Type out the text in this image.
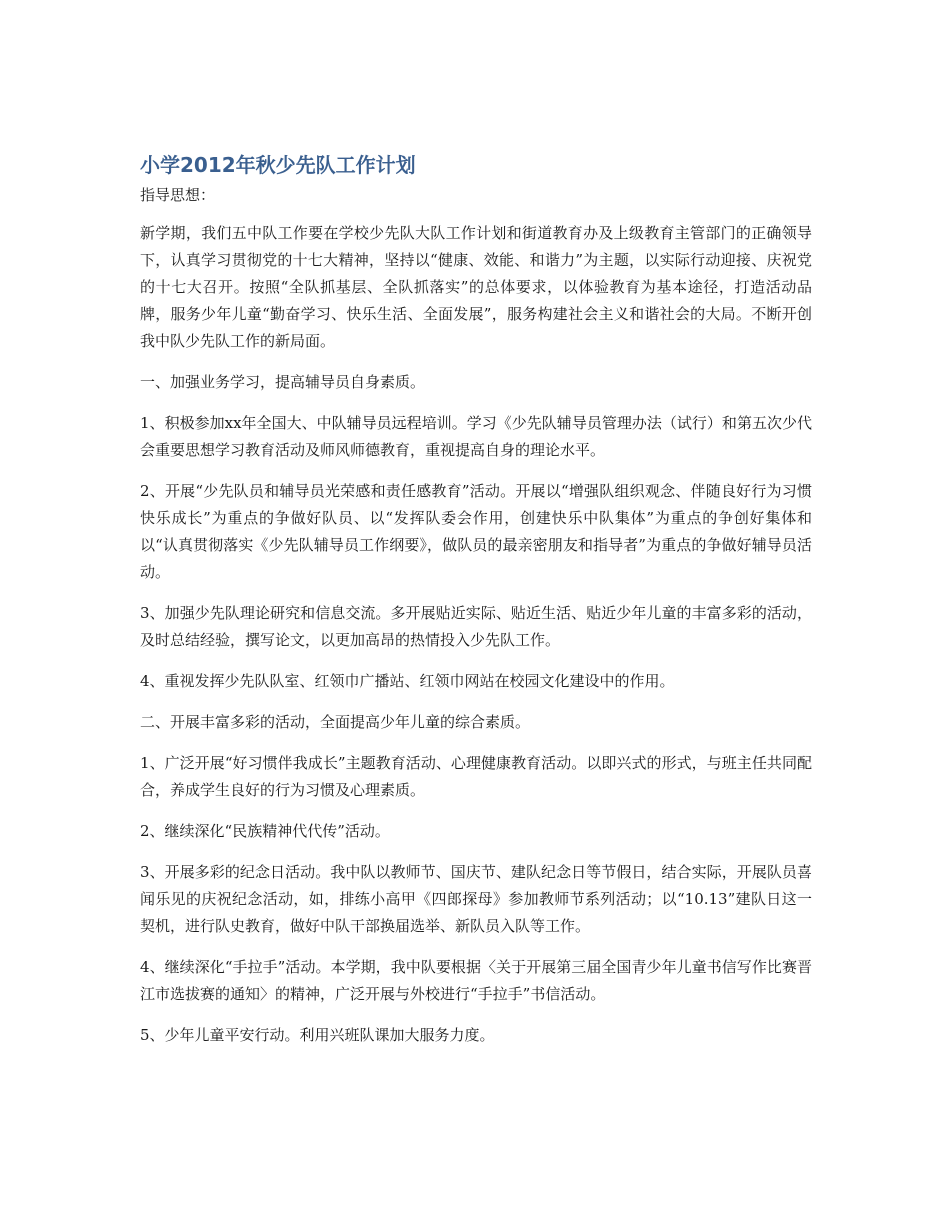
小学2012年秋少先队工作计划

指导思想：

新学期，我们五中队工作要在学校少先队大队工作计划和街道教育办及上级教育主管部门的正确领导下，认真学习贯彻党的十七大精神，坚持以“健康、效能、和谐力”为主题，以实际行动迎接、庆祝党的十七大召开。按照“全队抓基层、全队抓落实”的总体要求，以体验教育为基本途径，打造活动品牌，服务少年儿童“勤奋学习、快乐生活、全面发展”，服务构建社会主义和谐社会的大局。不断开创我中队少先队工作的新局面。

一、加强业务学习，提高辅导员自身素质。

1、积极参加xx年全国大、中队辅导员远程培训。学习《少先队辅导员管理办法（试行）和第五次少代会重要思想学习教育活动及师风师德教育，重视提高自身的理论水平。

2、开展“少先队员和辅导员光荣感和责任感教育”活动。开展以“增强队组织观念、伴随良好行为习惯快乐成长”为重点的争做好队员、以“发挥队委会作用，创建快乐中队集体”为重点的争创好集体和以“认真贯彻落实《少先队辅导员工作纲要》，做队员的最亲密朋友和指导者”为重点的争做好辅导员活动。

3、加强少先队理论研究和信息交流。多开展贴近实际、贴近生活、贴近少年儿童的丰富多彩的活动，及时总结经验，撰写论文，以更加高昂的热情投入少先队工作。

4、重视发挥少先队队室、红领巾广播站、红领巾网站在校园文化建设中的作用。

二、开展丰富多彩的活动，全面提高少年儿童的综合素质。

1、广泛开展“好习惯伴我成长”主题教育活动、心理健康教育活动。以即兴式的形式，与班主任共同配合，养成学生良好的行为习惯及心理素质。

2、继续深化“民族精神代代传”活动。

3、开展多彩的纪念日活动。我中队以教师节、国庆节、建队纪念日等节假日，结合实际，开展队员喜闻乐见的庆祝纪念活动，如，排练小高甲《四郎探母》参加教师节系列活动；以“10.13”建队日这一契机，进行队史教育，做好中队干部换届选举、新队员入队等工作。

4、继续深化“手拉手”活动。本学期，我中队要根据〈关于开展第三届全国青少年儿童书信写作比赛晋江市选拔赛的通知〉的精神，广泛开展与外校进行“手拉手”书信活动。

5、少年儿童平安行动。利用兴班队课加大服务力度。
